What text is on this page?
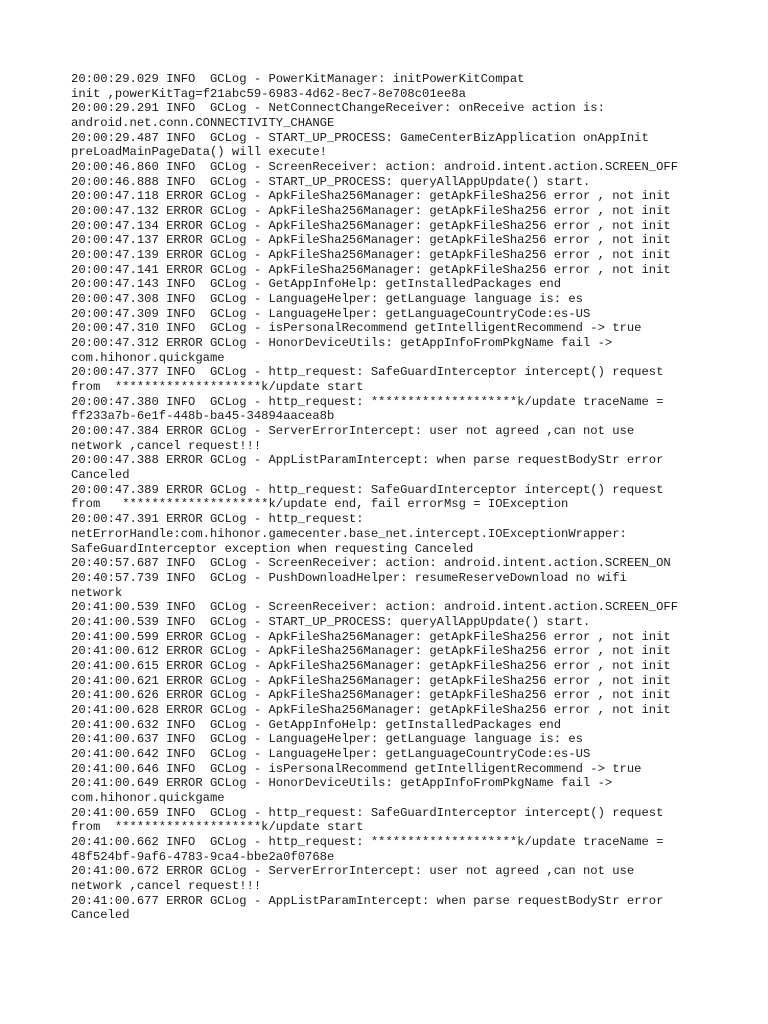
20:00:29.029 INFO  GCLog - PowerKitManager: initPowerKitCompat
init ,powerKitTag=f21abc59-6983-4d62-8ec7-8e708c01ee8a
20:00:29.291 INFO  GCLog - NetConnectChangeReceiver: onReceive action is:
android.net.conn.CONNECTIVITY_CHANGE
20:00:29.487 INFO  GCLog - START_UP_PROCESS: GameCenterBizApplication onAppInit
preLoadMainPageData() will execute!
20:00:46.860 INFO  GCLog - ScreenReceiver: action: android.intent.action.SCREEN_OFF
20:00:46.888 INFO  GCLog - START_UP_PROCESS: queryAllAppUpdate() start.
20:00:47.118 ERROR GCLog - ApkFileSha256Manager: getApkFileSha256 error , not init
20:00:47.132 ERROR GCLog - ApkFileSha256Manager: getApkFileSha256 error , not init
20:00:47.134 ERROR GCLog - ApkFileSha256Manager: getApkFileSha256 error , not init
20:00:47.137 ERROR GCLog - ApkFileSha256Manager: getApkFileSha256 error , not init
20:00:47.139 ERROR GCLog - ApkFileSha256Manager: getApkFileSha256 error , not init
20:00:47.141 ERROR GCLog - ApkFileSha256Manager: getApkFileSha256 error , not init
20:00:47.143 INFO  GCLog - GetAppInfoHelp: getInstalledPackages end
20:00:47.308 INFO  GCLog - LanguageHelper: getLanguage language is: es
20:00:47.309 INFO  GCLog - LanguageHelper: getLanguageCountryCode:es-US
20:00:47.310 INFO  GCLog - isPersonalRecommend getIntelligentRecommend -> true
20:00:47.312 ERROR GCLog - HonorDeviceUtils: getAppInfoFromPkgName fail ->
com.hihonor.quickgame
20:00:47.377 INFO  GCLog - http_request: SafeGuardInterceptor intercept() request
from  ********************k/update start
20:00:47.380 INFO  GCLog - http_request: ********************k/update traceName =
ff233a7b-6e1f-448b-ba45-34894aacea8b
20:00:47.384 ERROR GCLog - ServerErrorIntercept: user not agreed ,can not use
network ,cancel request!!!
20:00:47.388 ERROR GCLog - AppListParamIntercept: when parse requestBodyStr error
Canceled
20:00:47.389 ERROR GCLog - http_request: SafeGuardInterceptor intercept() request
from   ********************k/update end, fail errorMsg = IOException
20:00:47.391 ERROR GCLog - http_request:
netErrorHandle:com.hihonor.gamecenter.base_net.intercept.IOExceptionWrapper:
SafeGuardInterceptor exception when requesting Canceled
20:40:57.687 INFO  GCLog - ScreenReceiver: action: android.intent.action.SCREEN_ON
20:40:57.739 INFO  GCLog - PushDownloadHelper: resumeReserveDownload no wifi
network
20:41:00.539 INFO  GCLog - ScreenReceiver: action: android.intent.action.SCREEN_OFF
20:41:00.539 INFO  GCLog - START_UP_PROCESS: queryAllAppUpdate() start.
20:41:00.599 ERROR GCLog - ApkFileSha256Manager: getApkFileSha256 error , not init
20:41:00.612 ERROR GCLog - ApkFileSha256Manager: getApkFileSha256 error , not init
20:41:00.615 ERROR GCLog - ApkFileSha256Manager: getApkFileSha256 error , not init
20:41:00.621 ERROR GCLog - ApkFileSha256Manager: getApkFileSha256 error , not init
20:41:00.626 ERROR GCLog - ApkFileSha256Manager: getApkFileSha256 error , not init
20:41:00.628 ERROR GCLog - ApkFileSha256Manager: getApkFileSha256 error , not init
20:41:00.632 INFO  GCLog - GetAppInfoHelp: getInstalledPackages end
20:41:00.637 INFO  GCLog - LanguageHelper: getLanguage language is: es
20:41:00.642 INFO  GCLog - LanguageHelper: getLanguageCountryCode:es-US
20:41:00.646 INFO  GCLog - isPersonalRecommend getIntelligentRecommend -> true
20:41:00.649 ERROR GCLog - HonorDeviceUtils: getAppInfoFromPkgName fail ->
com.hihonor.quickgame
20:41:00.659 INFO  GCLog - http_request: SafeGuardInterceptor intercept() request
from  ********************k/update start
20:41:00.662 INFO  GCLog - http_request: ********************k/update traceName =
48f524bf-9af6-4783-9ca4-bbe2a0f0768e
20:41:00.672 ERROR GCLog - ServerErrorIntercept: user not agreed ,can not use
network ,cancel request!!!
20:41:00.677 ERROR GCLog - AppListParamIntercept: when parse requestBodyStr error
Canceled
